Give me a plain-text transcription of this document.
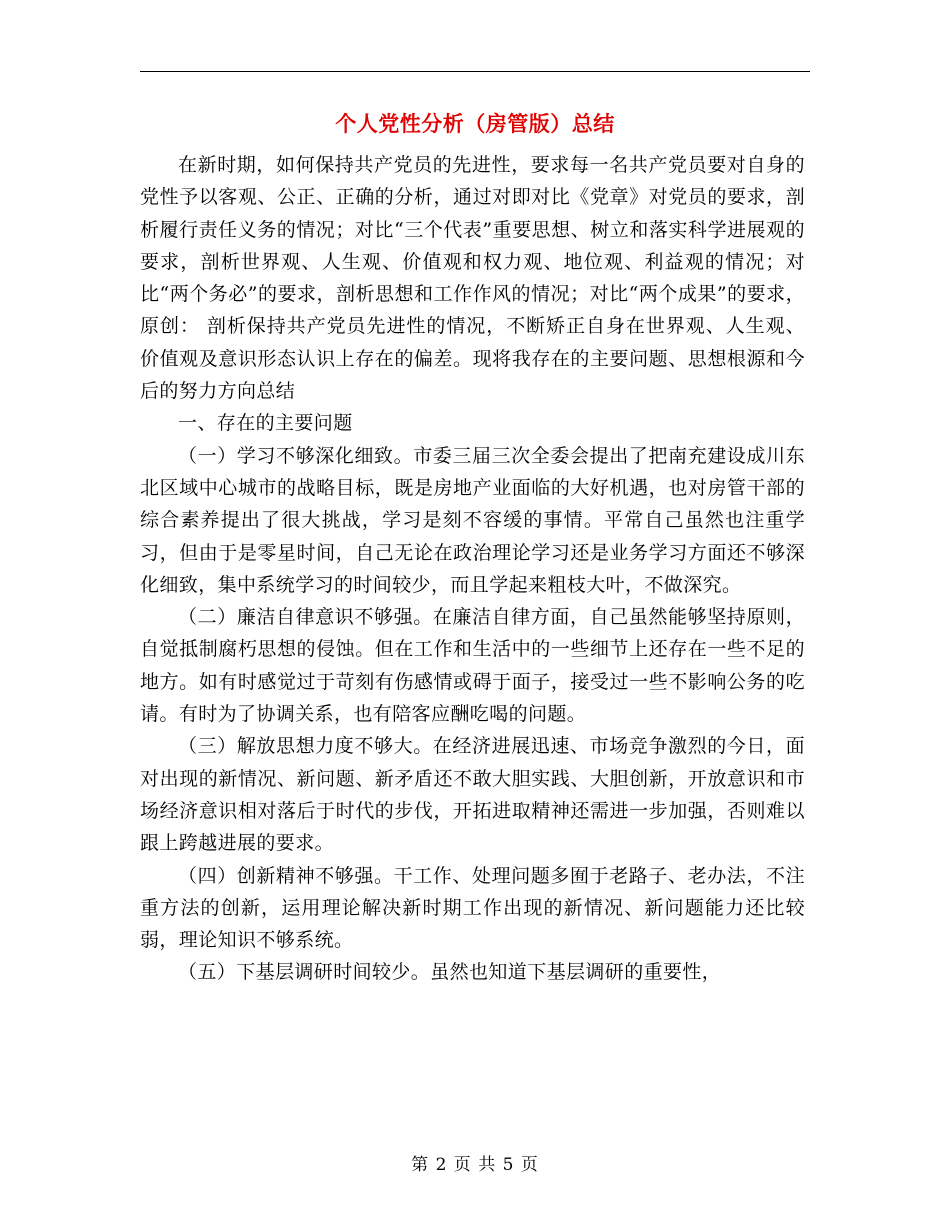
个人党性分析（房管版）总结

在新时期，如何保持共产党员的先进性，要求每一名共产党员要对自身的党性予以客观、公正、正确的分析，通过对即对比《党章》对党员的要求，剖析履行责任义务的情况；对比“三个代表”重要思想、树立和落实科学进展观的要求，剖析世界观、人生观、价值观和权力观、地位观、利益观的情况；对比“两个务必”的要求，剖析思想和工作作风的情况；对比“两个成果”的要求，原创： 剖析保持共产党员先进性的情况，不断矫正自身在世界观、人生观、价值观及意识形态认识上存在的偏差。现将我存在的主要问题、思想根源和今后的努力方向总结

一、存在的主要问题

（一）学习不够深化细致。市委三届三次全委会提出了把南充建设成川东北区域中心城市的战略目标，既是房地产业面临的大好机遇，也对房管干部的综合素养提出了很大挑战，学习是刻不容缓的事情。平常自己虽然也注重学习，但由于是零星时间，自己无论在政治理论学习还是业务学习方面还不够深化细致，集中系统学习的时间较少，而且学起来粗枝大叶，不做深究。

（二）廉洁自律意识不够强。在廉洁自律方面，自己虽然能够坚持原则，自觉抵制腐朽思想的侵蚀。但在工作和生活中的一些细节上还存在一些不足的地方。如有时感觉过于苛刻有伤感情或碍于面子，接受过一些不影响公务的吃请。有时为了协调关系，也有陪客应酬吃喝的问题。

（三）解放思想力度不够大。在经济进展迅速、市场竞争激烈的今日，面对出现的新情况、新问题、新矛盾还不敢大胆实践、大胆创新，开放意识和市场经济意识相对落后于时代的步伐，开拓进取精神还需进一步加强，否则难以跟上跨越进展的要求。

（四）创新精神不够强。干工作、处理问题多囿于老路子、老办法，不注重方法的创新，运用理论解决新时期工作出现的新情况、新问题能力还比较弱，理论知识不够系统。

（五）下基层调研时间较少。虽然也知道下基层调研的重要性，

第 2 页 共 5 页
